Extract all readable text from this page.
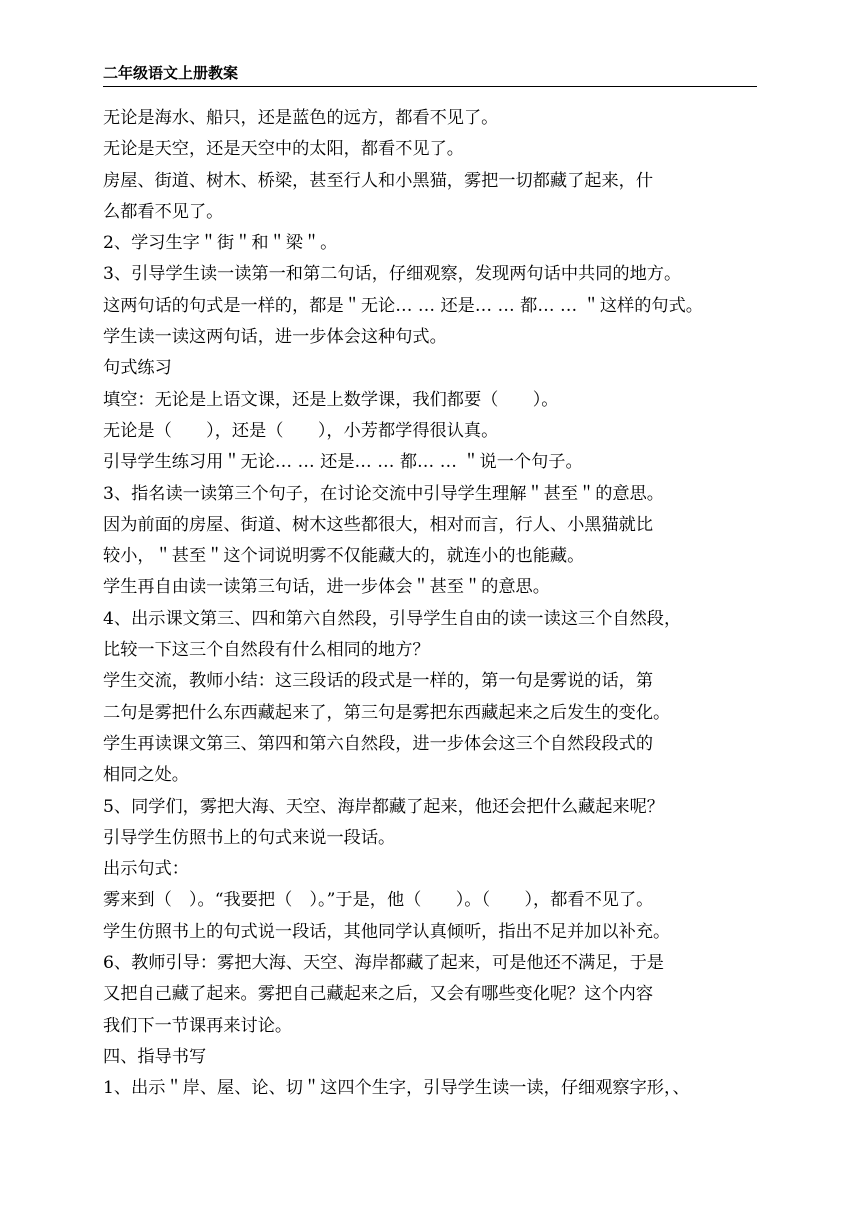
二年级语文上册教案
无论是海水、船只，还是蓝色的远方，都看不见了。
无论是天空，还是天空中的太阳，都看不见了。
房屋、街道、树木、桥梁，甚至行人和小黑猫，雾把一切都藏了起来，什
么都看不见了。
2、学习生字＂街＂和＂梁＂。
3、引导学生读一读第一和第二句话，仔细观察，发现两句话中共同的地方。
这两句话的句式是一样的，都是＂无论… … 还是… … 都… … ＂这样的句式。
学生读一读这两句话，进一步体会这种句式。
句式练习
填空：无论是上语文课，还是上数学课，我们都要（　　）。
无论是（　　），还是（　　），小芳都学得很认真。
引导学生练习用＂无论… … 还是… … 都… … ＂说一个句子。
3、指名读一读第三个句子，在讨论交流中引导学生理解＂甚至＂的意思。
因为前面的房屋、街道、树木这些都很大，相对而言，行人、小黑猫就比
较小，＂甚至＂这个词说明雾不仅能藏大的，就连小的也能藏。
学生再自由读一读第三句话，进一步体会＂甚至＂的意思。
4、出示课文第三、四和第六自然段，引导学生自由的读一读这三个自然段，
比较一下这三个自然段有什么相同的地方？
学生交流，教师小结：这三段话的段式是一样的，第一句是雾说的话，第
二句是雾把什么东西藏起来了，第三句是雾把东西藏起来之后发生的变化。
学生再读课文第三、第四和第六自然段，进一步体会这三个自然段段式的
相同之处。
5、同学们，雾把大海、天空、海岸都藏了起来，他还会把什么藏起来呢？
引导学生仿照书上的句式来说一段话。
出示句式：
雾来到（　）。“我要把（　）。”于是，他（　　）。（　　），都看不见了。
学生仿照书上的句式说一段话，其他同学认真倾听，指出不足并加以补充。
6、教师引导：雾把大海、天空、海岸都藏了起来，可是他还不满足，于是
又把自己藏了起来。雾把自己藏起来之后，又会有哪些变化呢？这个内容
我们下一节课再来讨论。
四、指导书写
1、出示＂岸、屋、论、切＂这四个生字，引导学生读一读，仔细观察字形，、
